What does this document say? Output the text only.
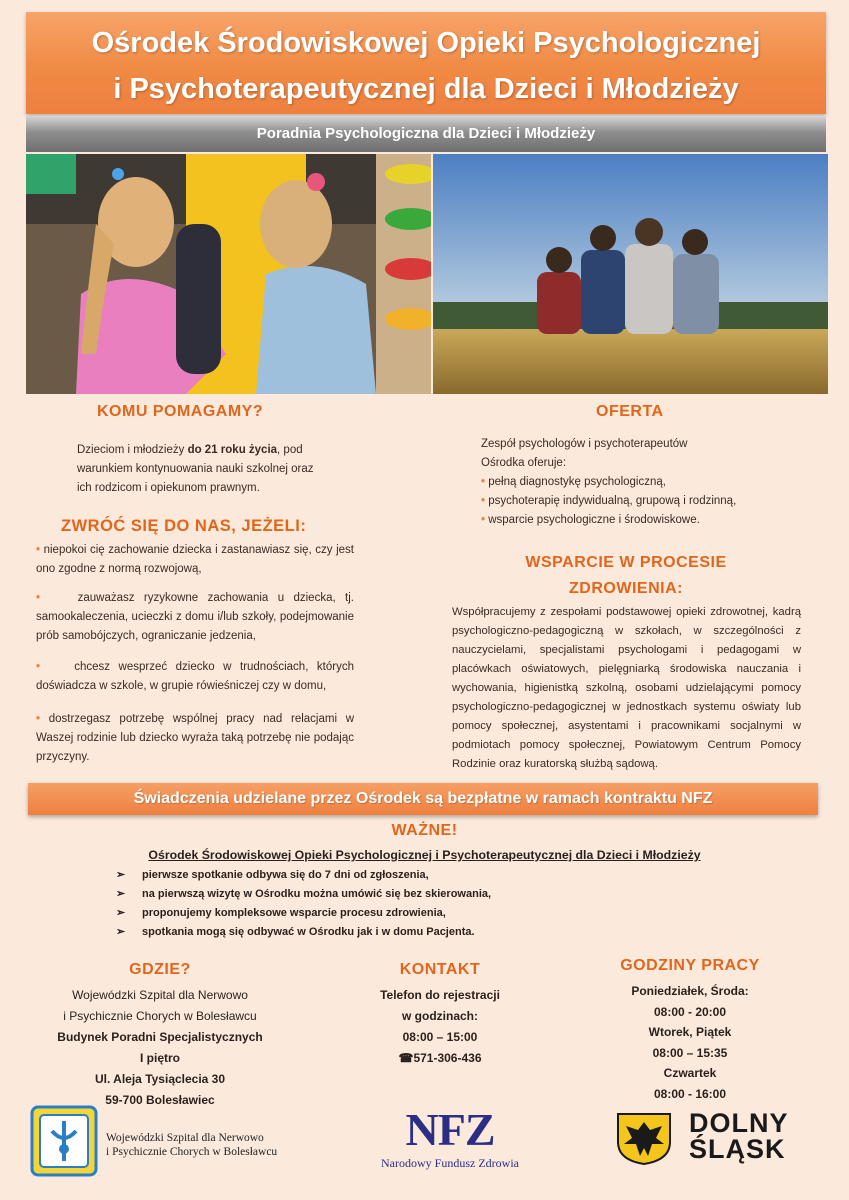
Ośrodek Środowiskowej Opieki Psychologicznej
i Psychoterapeutycznej dla Dzieci i Młodzieży
Poradnia Psychologiczna dla Dzieci i Młodzieży
KOMU POMAGAMY?
Dzieciom i młodzieży do 21 roku życia, pod
warunkiem kontynuowania nauki szkolnej oraz
ich rodzicom i opiekunom prawnym.
ZWRÓĆ SIĘ DO NAS, JEŻELI:
• niepokoi cię zachowanie dziecka i zastanawiasz się, czy jest ono zgodne z normą rozwojową,
•	zauważasz ryzykowne zachowania u dziecka, tj. samookaleczenia, ucieczki z domu i/lub szkoły, podejmowanie prób samobójczych, ograniczanie jedzenia,
•	chcesz wesprzeć dziecko w trudnościach, których doświadcza w szkole, w grupie rówieśniczej czy w domu,
• dostrzegasz potrzebę wspólnej pracy nad relacjami w Waszej rodzinie lub dziecko wyraża taką potrzebę nie podając przyczyny.
OFERTA
Zespół psychologów i psychoterapeutów
Ośrodka oferuje:
• pełną diagnostykę psychologiczną,
• psychoterapię indywidualną, grupową i rodzinną,
• wsparcie psychologiczne i środowiskowe.
WSPARCIE W PROCESIE
ZDROWIENIA:
Współpracujemy z zespołami podstawowej opieki zdrowotnej, kadrą psychologiczno-pedagogiczną w szkołach, w szczególności z nauczycielami, specjalistami psychologami i pedagogami w placówkach oświatowych, pielęgniarką środowiska nauczania i wychowania, higienistką szkolną, osobami udzielającymi pomocy psychologiczno-pedagogicznej w jednostkach systemu oświaty lub pomocy społecznej, asystentami i pracownikami socjalnymi w podmiotach pomocy społecznej, Powiatowym Centrum Pomocy Rodzinie oraz kuratorską służbą sądową.
Świadczenia udzielane przez Ośrodek są bezpłatne w ramach kontraktu NFZ
WAŻNE!
Ośrodek Środowiskowej Opieki Psychologicznej i Psychoterapeutycznej dla Dzieci i Młodzieży
➢ pierwsze spotkanie odbywa się do 7 dni od zgłoszenia,
➢ na pierwszą wizytę w Ośrodku można umówić się bez skierowania,
➢ proponujemy kompleksowe wsparcie procesu zdrowienia,
➢ spotkania mogą się odbywać w Ośrodku jak i w domu Pacjenta.
GDZIE?
Wojewódzki Szpital dla Nerwowo
i Psychicznie Chorych w Bolesławcu
Budynek Poradni Specjalistycznych
I piętro
Ul. Aleja Tysiąclecia 30
59-700 Bolesławiec
KONTAKT
Telefon do rejestracji
w godzinach:
08:00 – 15:00
☎571-306-436
GODZINY PRACY
Poniedziałek, Środa:
08:00 - 20:00
Wtorek, Piątek
08:00 – 15:35
Czwartek
08:00 - 16:00
Wojewódzki Szpital dla Nerwowo
i Psychicznie Chorych w Bolesławcu	NFZ
Narodowy Fundusz Zdrowia
DOLNY
ŚLĄSK
